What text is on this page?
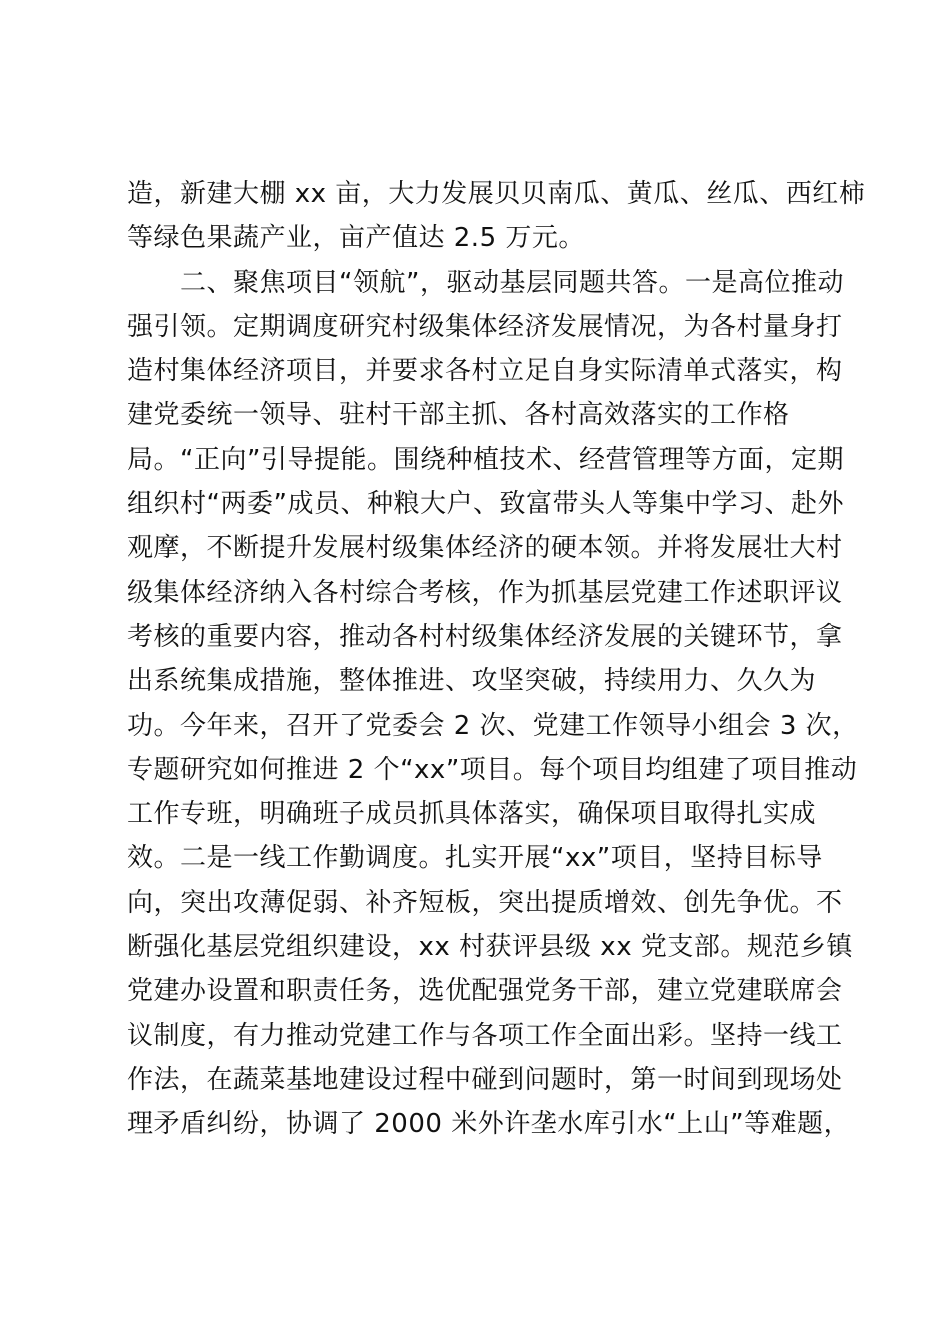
造，新建大棚 xx 亩，大力发展贝贝南瓜、黄瓜、丝瓜、西红柿
等绿色果蔬产业，亩产值达 2.5 万元。
　　二、聚焦项目“领航”，驱动基层同题共答。一是高位推动
强引领。定期调度研究村级集体经济发展情况，为各村量身打
造村集体经济项目，并要求各村立足自身实际清单式落实，构
建党委统一领导、驻村干部主抓、各村高效落实的工作格
局。“正向”引导提能。围绕种植技术、经营管理等方面，定期
组织村“两委”成员、种粮大户、致富带头人等集中学习、赴外
观摩，不断提升发展村级集体经济的硬本领。并将发展壮大村
级集体经济纳入各村综合考核，作为抓基层党建工作述职评议
考核的重要内容，推动各村村级集体经济发展的关键环节，拿
出系统集成措施，整体推进、攻坚突破，持续用力、久久为
功。今年来，召开了党委会 2 次、党建工作领导小组会 3 次，
专题研究如何推进 2 个“xx”项目。每个项目均组建了项目推动
工作专班，明确班子成员抓具体落实，确保项目取得扎实成
效。二是一线工作勤调度。扎实开展“xx”项目，坚持目标导
向，突出攻薄促弱、补齐短板，突出提质增效、创先争优。不
断强化基层党组织建设，xx 村获评县级 xx 党支部。规范乡镇
党建办设置和职责任务，选优配强党务干部，建立党建联席会
议制度，有力推动党建工作与各项工作全面出彩。坚持一线工
作法，在蔬菜基地建设过程中碰到问题时，第一时间到现场处
理矛盾纠纷，协调了 2000 米外许垄水库引水“上山”等难题，
